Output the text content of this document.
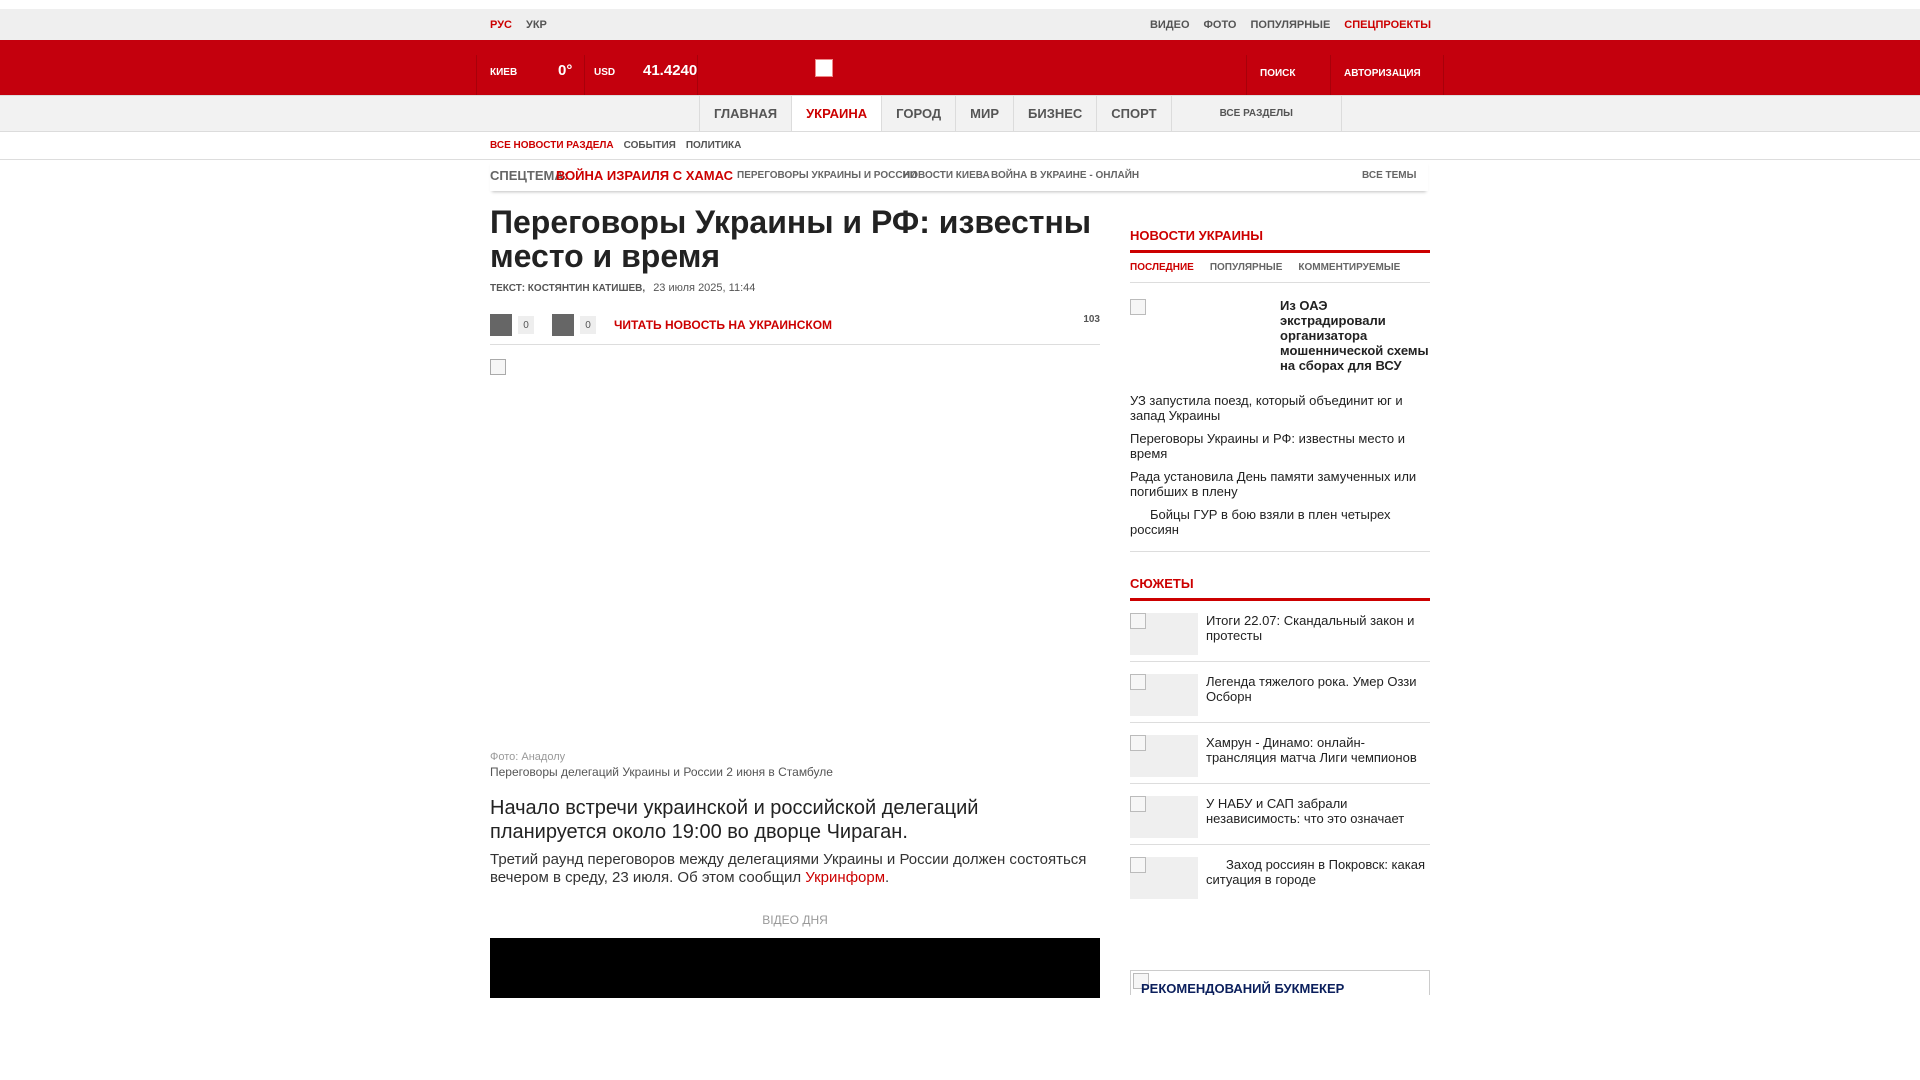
РУС УКР	ВИДЕО ФОТО ПОПУЛЯРНЫЕ СПЕЦПРОЕКТЫ
КИЕВ	0° USD 41.4240	ПОИСК	АВТОРИЗАЦИЯ
ГЛАВНАЯ	УКРАИНА	ГОРОД	МИР	БИЗНЕС	СПОРТ	ВСЕ РАЗДЕЛЫ
ВСЕ НОВОСТИ РАЗДЕЛА СОБЫТИЯ ПОЛИТИКА
СПЕЦТЕМА:
ВОЙНА ИЗРАИЛЯ С ХАМАС ПЕРЕГОВОРЫ УКРАИНЫ И РОССИИ
НОВОСТИ КИЕВА ВОЙНА В УКРАИНЕ - ОНЛАЙН	ВСЕ ТЕМЫ
Переговоры Украины и РФ: известны место и время
ТЕКСТ: КОСТЯНТИН КАТИШЕВ, 23 июля 2025, 11:44
0	0	ЧИТАТЬ НОВОСТЬ НА УКРАИНСКОМ	103
Фото: Анадолу
Переговоры делегаций Украины и России 2 июня в Стамбуле
Начало встречи украинской и российской делегаций планируется около 19:00 во дворце Чираган.
Третий раунд переговоров между делегациями Украины и России должен состояться вечером в среду, 23 июля. Об этом сообщил Укринформ.
ВІДЕО ДНЯ
НОВОСТИ УКРАИНЫ
ПОСЛЕДНИЕ ПОПУЛЯРНЫЕ КОММЕНТИРУЕМЫЕ
Из ОАЭ экстрадировали организатора мошеннической схемы на сборах для ВСУ
УЗ запустила поезд, который объединит юг и запад Украины
Переговоры Украины и РФ: известны место и время
Рада установила День памяти замученных или погибших в плену
Бойцы ГУР в бою взяли в плен четырех россиян
СЮЖЕТЫ
Итоги 22.07: Скандальный закон и протесты
Легенда тяжелого рока. Умер Оззи Осборн
Хамрун - Динамо: онлайн-трансляция матча Лиги чемпионов
У НАБУ и САП забрали независимость: что это означает
Заход россиян в Покровск: какая ситуация в городе
РЕКОМЕНДОВАНИЙ БУКМЕКЕР
